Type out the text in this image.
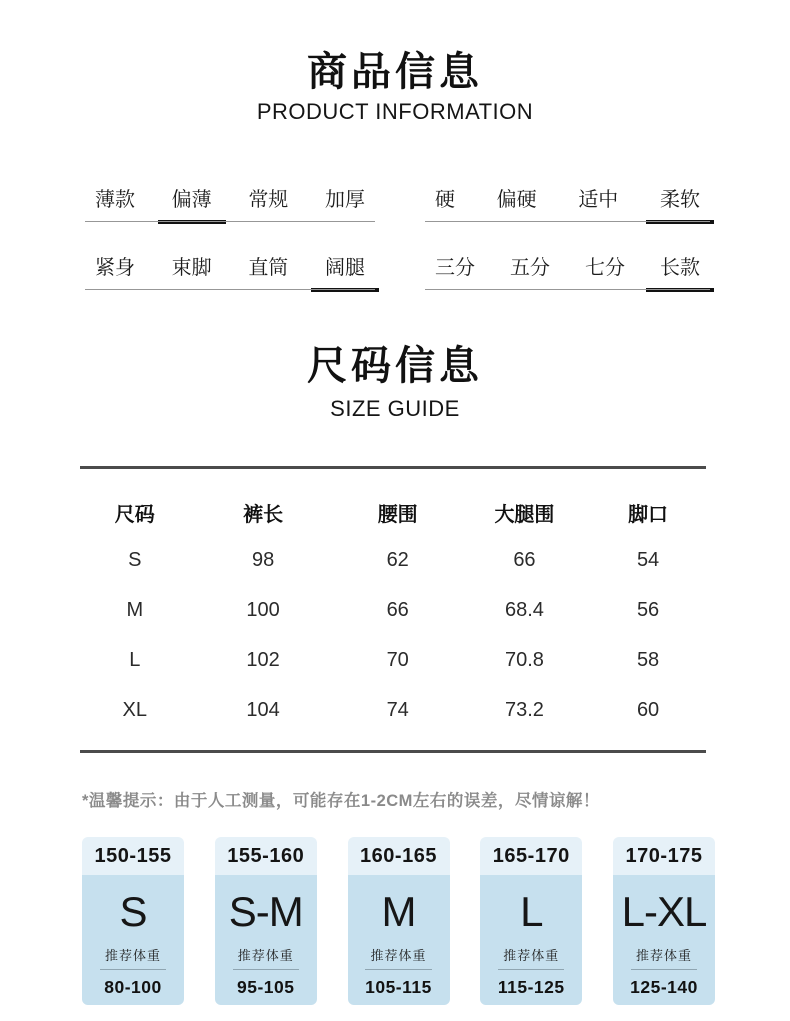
商品信息
PRODUCT INFORMATION
薄款 偏薄 常规 加厚	硬 偏硬 适中 柔软
紧身 束脚 直筒 阔腿	三分 五分 七分 长款
尺码信息
SIZE GUIDE
尺码	裤长	腰围	大腿围	脚口
S	98	62	66	54
M	100	66	68.4	56
L	102	70	70.8	58
XL	104	74	73.2	60
*温馨提示：由于人工测量，可能存在1-2CM左右的误差，尽情谅解！
150-155
S
推荐体重
80-100
155-160
S-M
推荐体重
95-105
160-165
M
推荐体重
105-115
165-170
L
推荐体重
115-125
170-175
L-XL
推荐体重
125-140
